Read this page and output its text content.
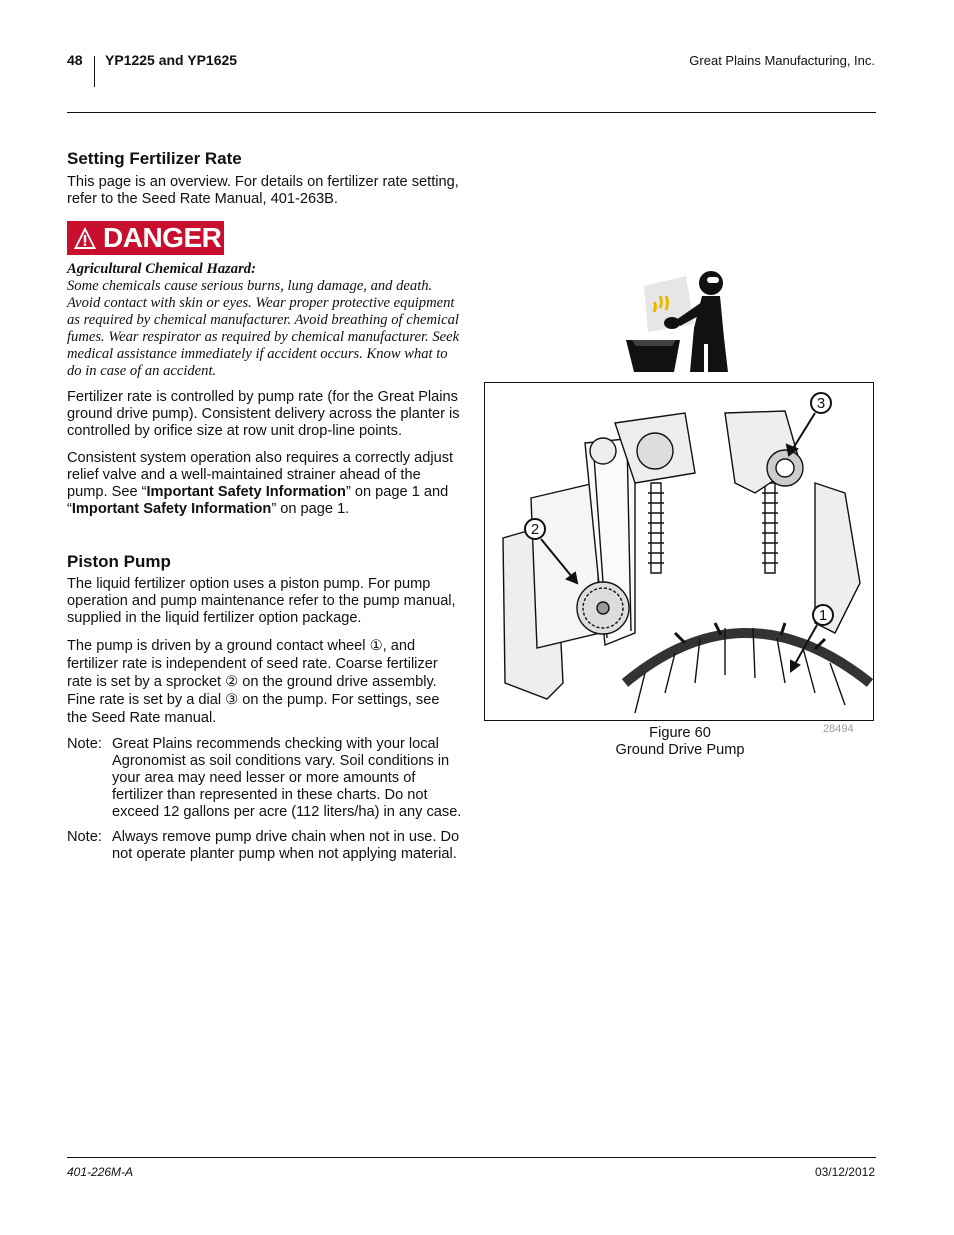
48 YP1225 and YP1625	Great Plains Manufacturing, Inc.
Setting Fertilizer Rate

This page is an overview. For details on fertilizer rate setting, refer to the Seed Rate Manual, 401-263B.

DANGER
Agricultural Chemical Hazard:
Some chemicals cause serious burns, lung damage, and death. Avoid contact with skin or eyes. Wear proper protective equipment as required by chemical manufacturer. Avoid breathing of chemical fumes. Wear respirator as required by chemical manufacturer. Seek medical assistance immediately if accident occurs. Know what to do in case of an accident.

Fertilizer rate is controlled by pump rate (for the Great Plains ground drive pump). Consistent delivery across the planter is controlled by orifice size at row unit drop-line points.

Consistent system operation also requires a correctly adjust relief valve and a well-maintained strainer ahead of the pump. See “Important Safety Information” on page 1 and “Important Safety Information” on page 1.

Piston Pump

The liquid fertilizer option uses a piston pump. For pump operation and pump maintenance refer to the pump manual, supplied in the liquid fertilizer option package.

The pump is driven by a ground contact wheel ①, and fertilizer rate is independent of seed rate. Coarse fertilizer rate is set by a sprocket ② on the ground drive assembly. Fine rate is set by a dial ③ on the pump. For settings, see the Seed Rate manual.

Note: Great Plains recommends checking with your local Agronomist as soil conditions vary. Soil conditions in your area may need lesser or more amounts of fertilizer than represented in these charts. Do not exceed 12 gallons per acre (112 liters/ha) in any case.
Note: Always remove pump drive chain when not in use. Do not operate planter pump when not applying material.
3
2
1
Figure 60
Ground Drive Pump
28494
401-226M-A	03/12/2012
